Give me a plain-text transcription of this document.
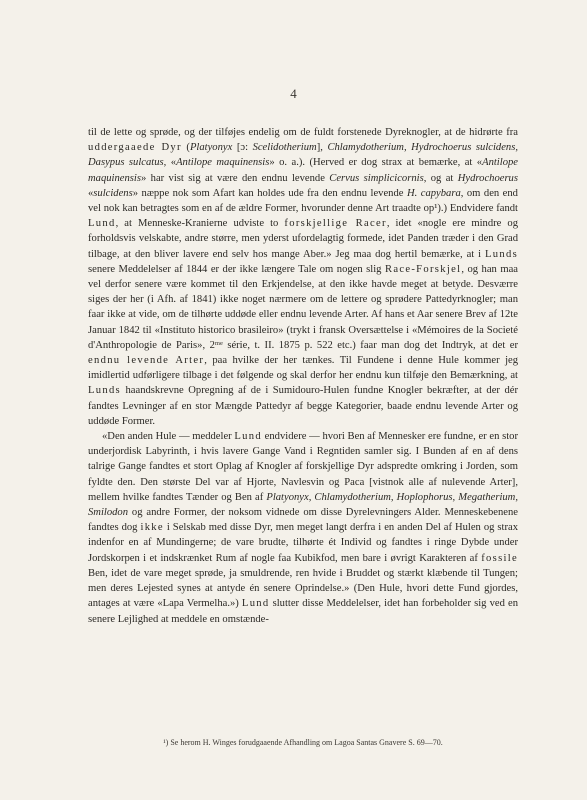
4

til de lette og sprøde, og der tilføjes endelig om de fuldt forstenede Dyreknogler, at de hidrørte fra uddergaaede Dyr (Platyonyx [ɔ: Scelidotherium], Chlamydotherium, Hydrochoerus sulcidens, Dasypus sulcatus, «Antilope maquinensis» o. a.). (Herved er dog strax at bemærke, at «Antilope maquinensis» har vist sig at være den endnu levende Cervus simplicicornis, og at Hydrochoerus «sulcidens» næppe nok som Afart kan holdes ude fra den endnu levende H. capybara, om den end vel nok kan betragtes som en af de ældre Former, hvorunder denne Art traadte op¹).) Endvidere fandt Lund, at Menneske-Kranierne udviste to forskjellige Racer, idet «nogle ere mindre og forholdsvis velskabte, andre større, men yderst ufordelagtig formede, idet Panden træder i den Grad tilbage, at den bliver lavere end selv hos mange Aber.» Jeg maa dog hertil bemærke, at i Lunds senere Meddelelser af 1844 er der ikke længere Tale om nogen slig Race-Forskjel, og han maa vel derfor senere være kommet til den Erkjendelse, at den ikke havde meget at betyde. Desværre siges der her (i Afh. af 1841) ikke noget nærmere om de lettere og sprødere Pattedyrknogler; man faar ikke at vide, om de tilhørte uddøde eller endnu levende Arter. Af hans et Aar senere Brev af 12te Januar 1842 til «Instituto historico brasileiro» (trykt i fransk Oversættelse i «Mémoires de la Societé d'Anthropologie de Paris», 2ᵐᵉ série, t. II. 1875 p. 522 etc.) faar man dog det Indtryk, at det er endnu levende Arter, paa hvilke der her tænkes. Til Fundene i denne Hule kommer jeg imidlertid udførligere tilbage i det følgende og skal derfor her endnu kun tilføje den Bemærkning, at Lunds haandskrevne Opregning af de i Sumidouro-Hulen fundne Knogler bekræfter, at der dér fandtes Levninger af en stor Mængde Pattedyr af begge Kategorier, baade endnu levende Arter og uddøde Former.

«Den anden Hule — meddeler Lund endvidere — hvori Ben af Mennesker ere fundne, er en stor underjordisk Labyrinth, i hvis lavere Gange Vand i Regntiden samler sig. I Bunden af en af dens talrige Gange fandtes et stort Oplag af Knogler af forskjellige Dyr adspredte omkring i Jorden, som fyldte den. Den største Del var af Hjorte, Navlesvin og Paca [vistnok alle af nulevende Arter], mellem hvilke fandtes Tænder og Ben af Platyonyx, Chlamydotherium, Hoplophorus, Megatherium, Smilodon og andre Former, der noksom vidnede om disse Dyrelevningers Alder. Menneskebenene fandtes dog ikke i Selskab med disse Dyr, men meget langt derfra i en anden Del af Hulen og strax indenfor en af Mundingerne; de vare brudte, tilhørte ét Individ og fandtes i ringe Dybde under Jordskorpen i et indskrænket Rum af nogle faa Kubikfod, men bare i øvrigt Karakteren af fossile Ben, idet de vare meget sprøde, ja smuldrende, ren hvide i Bruddet og stærkt klæbende til Tungen; men deres Lejested synes at antyde én senere Oprindelse.» (Den Hule, hvori dette Fund gjordes, antages at være «Lapa Vermelha.») Lund slutter disse Meddelelser, idet han forbeholder sig ved en senere Lejlighed at meddele en omstænde-

¹) Se herom H. Winges forudgaaende Afhandling om Lagoa Santas Gnavere S. 69—70.
